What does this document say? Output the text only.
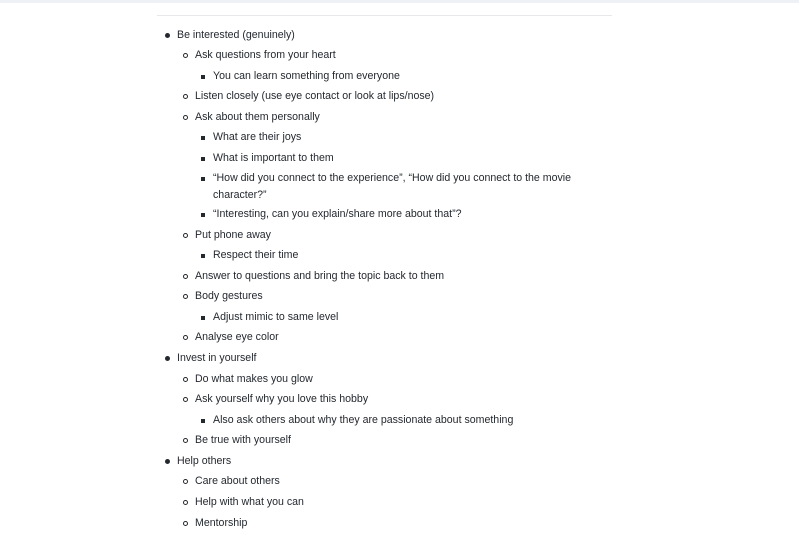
Be interested (genuinely)
Ask questions from your heart
You can learn something from everyone
Listen closely (use eye contact or look at lips/nose)
Ask about them personally
What are their joys
What is important to them
“How did you connect to the experience”, “How did you connect to the movie character?”
“Interesting, can you explain/share more about that”?
Put phone away
Respect their time
Answer to questions and bring the topic back to them
Body gestures
Adjust mimic to same level
Analyse eye color
Invest in yourself
Do what makes you glow
Ask yourself why you love this hobby
Also ask others about why they are passionate about something
Be true with yourself
Help others
Care about others
Help with what you can
Mentorship
